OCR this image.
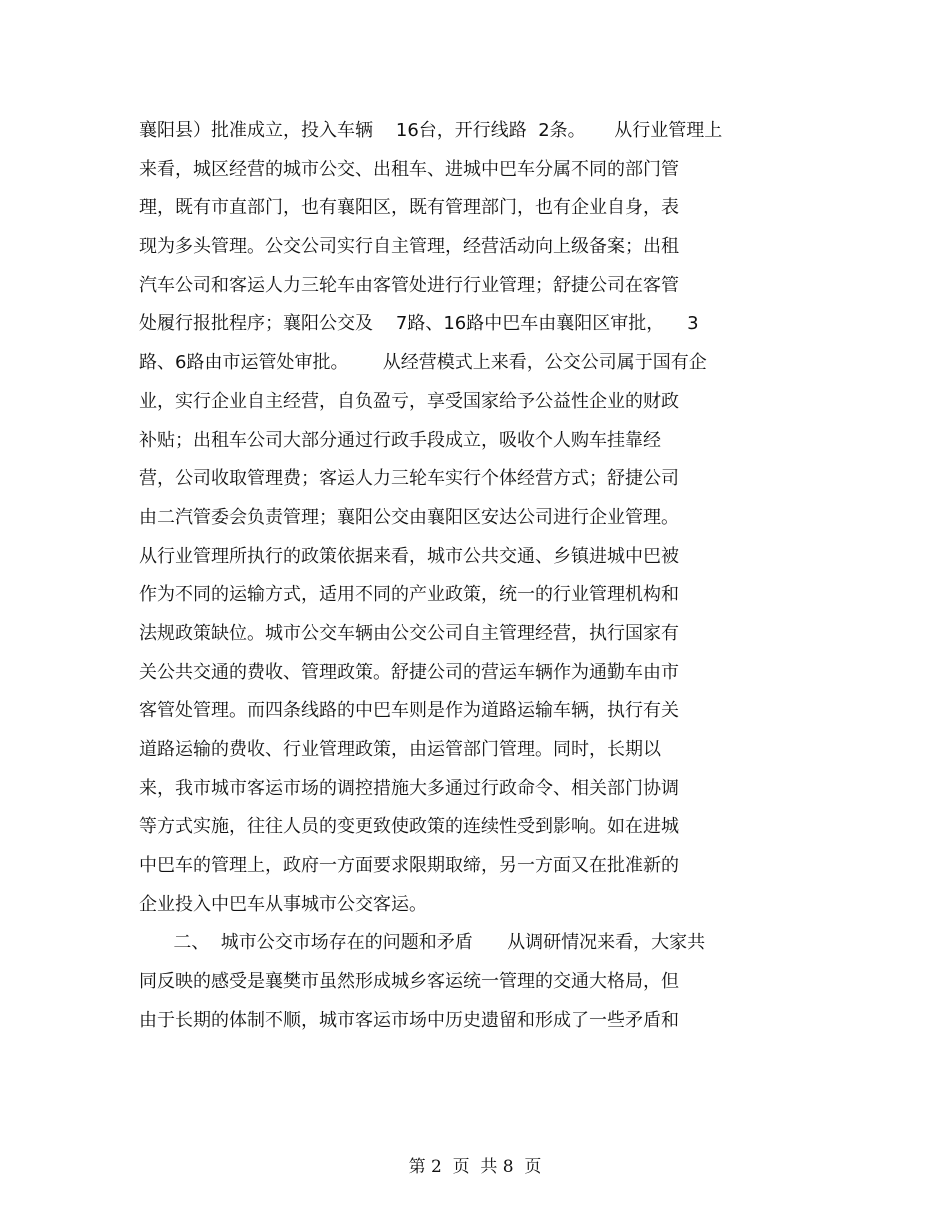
襄阳县）批准成立，投入车辆    16台，开行线路  2条。     从行业管理上
来看，城区经营的城市公交、出租车、进城中巴车分属不同的部门管
理，既有市直部门，也有襄阳区，既有管理部门，也有企业自身，表
现为多头管理。公交公司实行自主管理，经营活动向上级备案；出租
汽车公司和客运人力三轮车由客管处进行行业管理；舒捷公司在客管
处履行报批程序；襄阳公交及    7路、16路中巴车由襄阳区审批，    3
路、6路由市运管处审批。      从经营模式上来看，公交公司属于国有企
业，实行企业自主经营，自负盈亏，享受国家给予公益性企业的财政
补贴；出租车公司大部分通过行政手段成立，吸收个人购车挂靠经
营，公司收取管理费；客运人力三轮车实行个体经营方式；舒捷公司
由二汽管委会负责管理；襄阳公交由襄阳区安达公司进行企业管理。
从行业管理所执行的政策依据来看，城市公共交通、乡镇进城中巴被
作为不同的运输方式，适用不同的产业政策，统一的行业管理机构和
法规政策缺位。城市公交车辆由公交公司自主管理经营，执行国家有
关公共交通的费收、管理政策。舒捷公司的营运车辆作为通勤车由市
客管处管理。而四条线路的中巴车则是作为道路运输车辆，执行有关
道路运输的费收、行业管理政策，由运管部门管理。同时，长期以
来，我市城市客运市场的调控措施大多通过行政命令、相关部门协调
等方式实施，往往人员的变更致使政策的连续性受到影响。如在进城
中巴车的管理上，政府一方面要求限期取缔，另一方面又在批准新的
企业投入中巴车从事城市公交客运。
二、  城市公交市场存在的问题和矛盾      从调研情况来看，大家共
同反映的感受是襄樊市虽然形成城乡客运统一管理的交通大格局，但
由于长期的体制不顺，城市客运市场中历史遗留和形成了一些矛盾和
第 2  页  共 8  页
